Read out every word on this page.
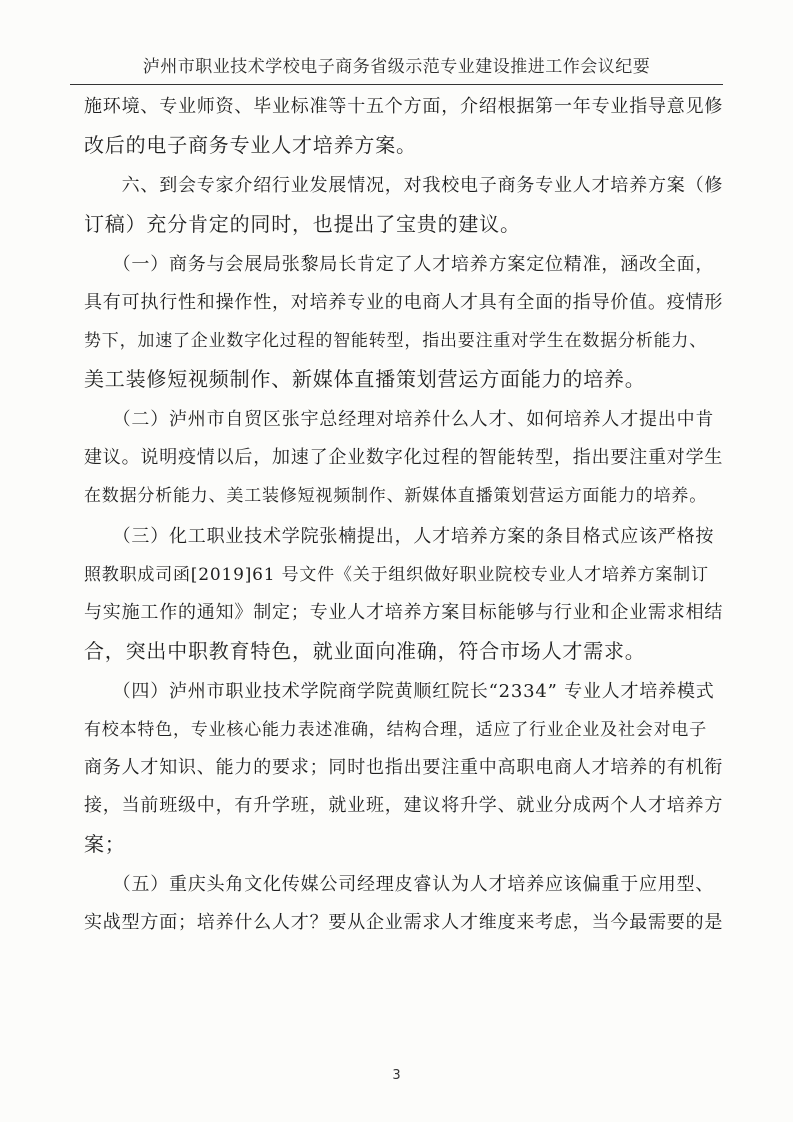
泸州市职业技术学校电子商务省级示范专业建设推进工作会议纪要
施环境、专业师资、毕业标准等十五个方面，介绍根据第一年专业指导意见修
改后的电子商务专业人才培养方案。
　　六、到会专家介绍行业发展情况，对我校电子商务专业人才培养方案（修
订稿）充分肯定的同时，也提出了宝贵的建议。
　　（一）商务与会展局张黎局长肯定了人才培养方案定位精准，涵改全面，
具有可执行性和操作性，对培养专业的电商人才具有全面的指导价值。疫情形
势下，加速了企业数字化过程的智能转型，指出要注重对学生在数据分析能力、
美工装修短视频制作、新媒体直播策划营运方面能力的培养。
　　（二）泸州市自贸区张宇总经理对培养什么人才、如何培养人才提出中肯
建议。说明疫情以后，加速了企业数字化过程的智能转型，指出要注重对学生
在数据分析能力、美工装修短视频制作、新媒体直播策划营运方面能力的培养。
　　（三）化工职业技术学院张楠提出，人才培养方案的条目格式应该严格按
照教职成司函[2019]61 号文件《关于组织做好职业院校专业人才培养方案制订
与实施工作的通知》制定；专业人才培养方案目标能够与行业和企业需求相结
合，突出中职教育特色，就业面向准确，符合市场人才需求。
　　（四）泸州市职业技术学院商学院黄顺红院长“2334” 专业人才培养模式
有校本特色，专业核心能力表述准确，结构合理，适应了行业企业及社会对电子
商务人才知识、能力的要求；同时也指出要注重中高职电商人才培养的有机衔
接，当前班级中，有升学班，就业班，建议将升学、就业分成两个人才培养方
案；
　　（五）重庆头角文化传媒公司经理皮睿认为人才培养应该偏重于应用型、
实战型方面；培养什么人才？要从企业需求人才维度来考虑，当今最需要的是
3
